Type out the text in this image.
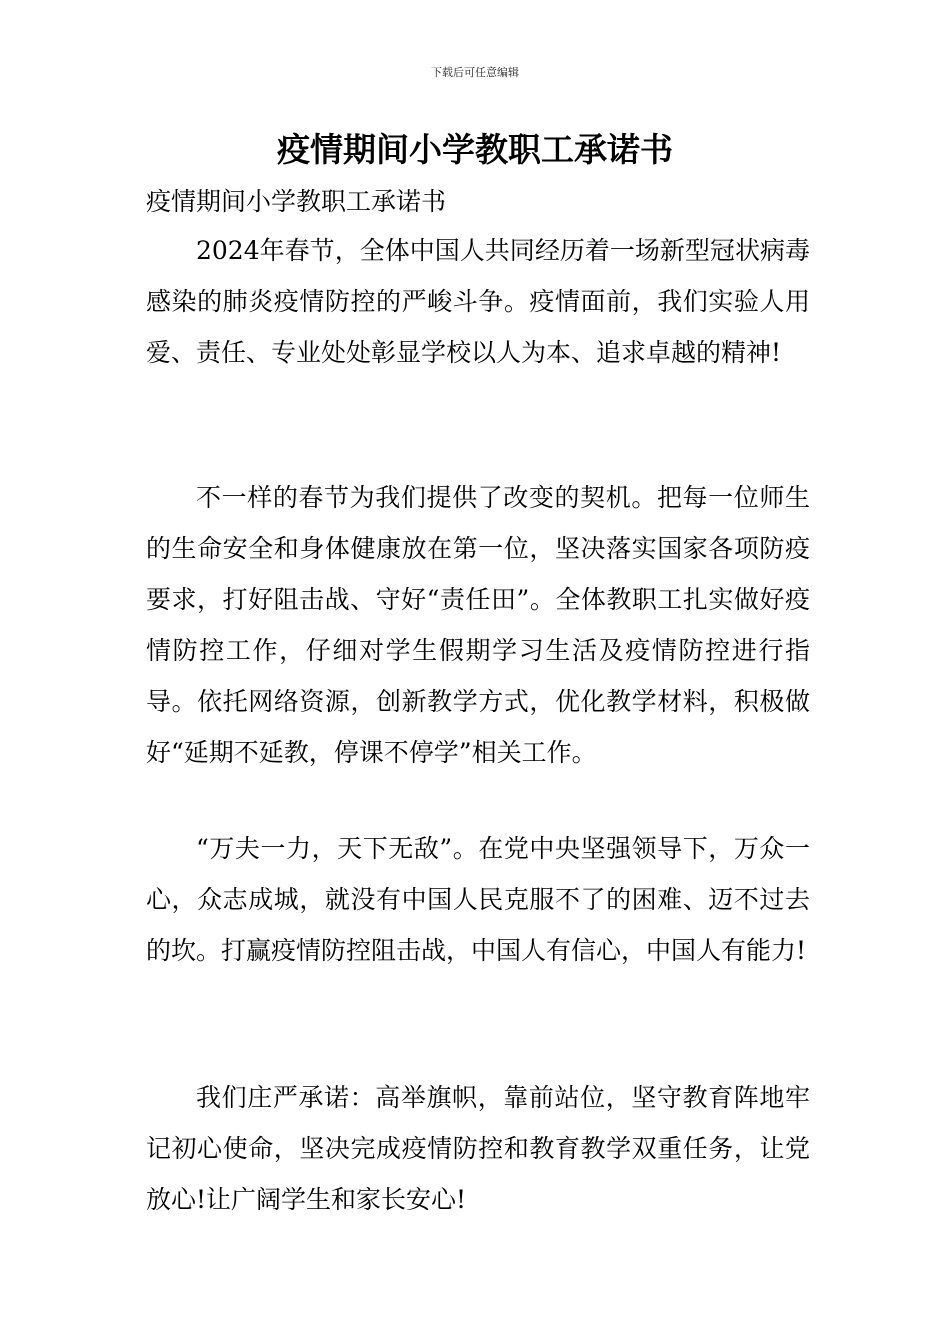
下载后可任意编辑
疫情期间小学教职工承诺书

疫情期间小学教职工承诺书

2024年春节，全体中国人共同经历着一场新型冠状病毒感染的肺炎疫情防控的严峻斗争。疫情面前，我们实验人用爱、责任、专业处处彰显学校以人为本、追求卓越的精神!

不一样的春节为我们提供了改变的契机。把每一位师生的生命安全和身体健康放在第一位，坚决落实国家各项防疫要求，打好阻击战、守好“责任田”。全体教职工扎实做好疫情防控工作，仔细对学生假期学习生活及疫情防控进行指导。依托网络资源，创新教学方式，优化教学材料，积极做好“延期不延教，停课不停学”相关工作。

“万夫一力，天下无敌”。在党中央坚强领导下，万众一心，众志成城，就没有中国人民克服不了的困难、迈不过去的坎。打赢疫情防控阻击战，中国人有信心，中国人有能力!

我们庄严承诺：高举旗帜，靠前站位，坚守教育阵地牢记初心使命，坚决完成疫情防控和教育教学双重任务，让党放心!让广阔学生和家长安心!
